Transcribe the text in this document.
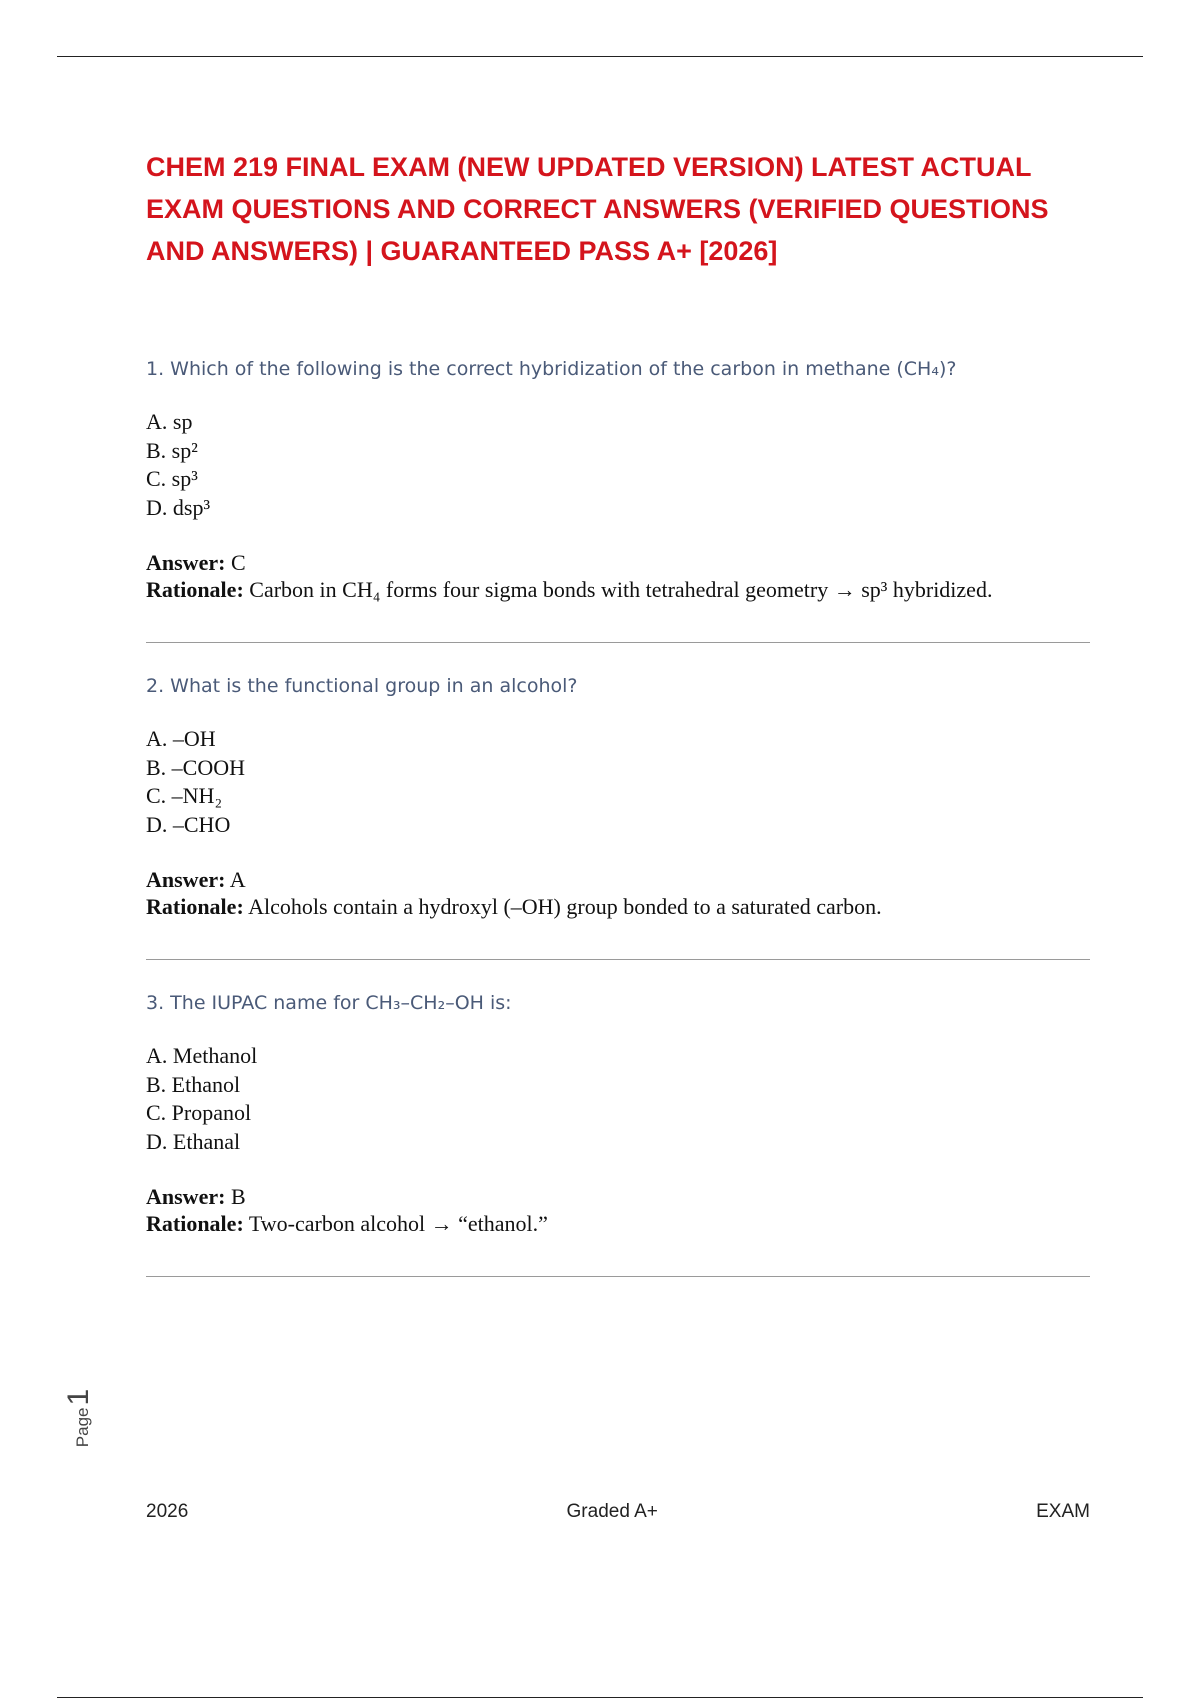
CHEM 219 FINAL EXAM (NEW UPDATED VERSION) LATEST ACTUAL EXAM QUESTIONS AND CORRECT ANSWERS (VERIFIED QUESTIONS AND ANSWERS) | GUARANTEED PASS A+ [2026]

1. Which of the following is the correct hybridization of the carbon in methane (CH₄)?

A. sp
B. sp²
C. sp³
D. dsp³
Answer: C
Rationale: Carbon in CH₄ forms four sigma bonds with tetrahedral geometry → sp³ hybridized.

2. What is the functional group in an alcohol?

A. –OH
B. –COOH
C. –NH₂
D. –CHO
Answer: A
Rationale: Alcohols contain a hydroxyl (–OH) group bonded to a saturated carbon.

3. The IUPAC name for CH₃–CH₂–OH is:

A. Methanol
B. Ethanol
C. Propanol
D. Ethanal
Answer: B
Rationale: Two-carbon alcohol → “ethanol.”
Page
1
2026	Graded A+	EXAM
